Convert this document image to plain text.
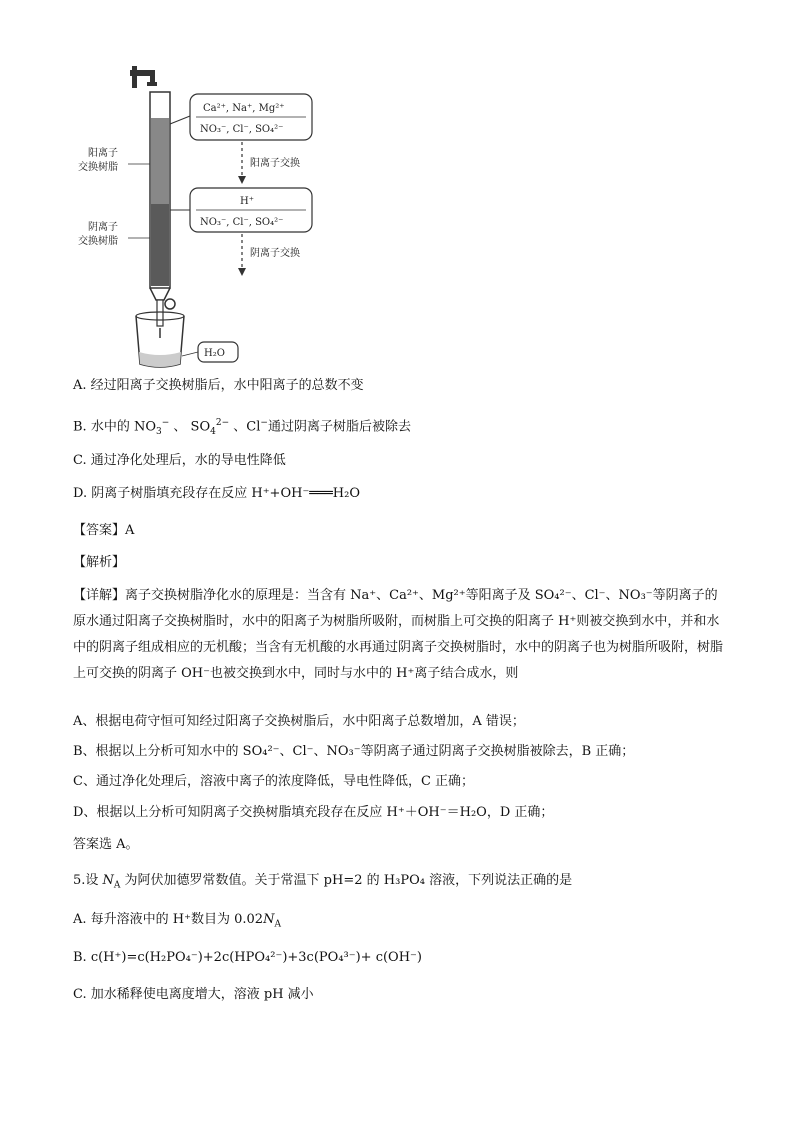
阳离子
交换树脂
阴离子
交换树脂
Ca²⁺, Na⁺, Mg²⁺
NO₃⁻, Cl⁻, SO₄²⁻
阳离子交换
H⁺
NO₃⁻, Cl⁻, SO₄²⁻
阴离子交换
H₂O
A. 经过阳离子交换树脂后，水中阳离子的总数不变
B. 水中的 $NO_3^-$ 、 $SO_4^{2-}$ 、Cl−通过阴离子树脂后被除去
C. 通过净化处理后，水的导电性降低
D. 阴离子树脂填充段存在反应 H⁺+OH⁻═══H₂O
【答案】A
【解析】
【详解】离子交换树脂净化水的原理是：当含有 Na⁺、Ca²⁺、Mg²⁺等阳离子及 SO₄²⁻、Cl⁻、NO₃⁻等阴离子的原水通过阳离子交换树脂时，水中的阳离子为树脂所吸附，而树脂上可交换的阳离子 H⁺则被交换到水中，并和水中的阴离子组成相应的无机酸；当含有无机酸的水再通过阴离子交换树脂时，水中的阴离子也为树脂所吸附，树脂上可交换的阴离子 OH⁻也被交换到水中，同时与水中的 H⁺离子结合成水，则
A、根据电荷守恒可知经过阳离子交换树脂后，水中阳离子总数增加，A 错误；
B、根据以上分析可知水中的 SO₄²⁻、Cl⁻、NO₃⁻等阴离子通过阴离子交换树脂被除去，B 正确；
C、通过净化处理后，溶液中离子的浓度降低，导电性降低，C 正确；
D、根据以上分析可知阴离子交换树脂填充段存在反应 H⁺＋OH⁻＝H₂O，D 正确；
答案选 A。
5.设 $N_A$ 为阿伏加德罗常数值。关于常温下 pH=2 的 H₃PO₄ 溶液，下列说法正确的是
A. 每升溶液中的 H⁺数目为 $0.02N_A$
B. c(H⁺)=c(H₂PO₄⁻)+2c(HPO₄²⁻)+3c(PO₄³⁻)+ c(OH⁻)
C. 加水稀释使电离度增大，溶液 pH 减小
